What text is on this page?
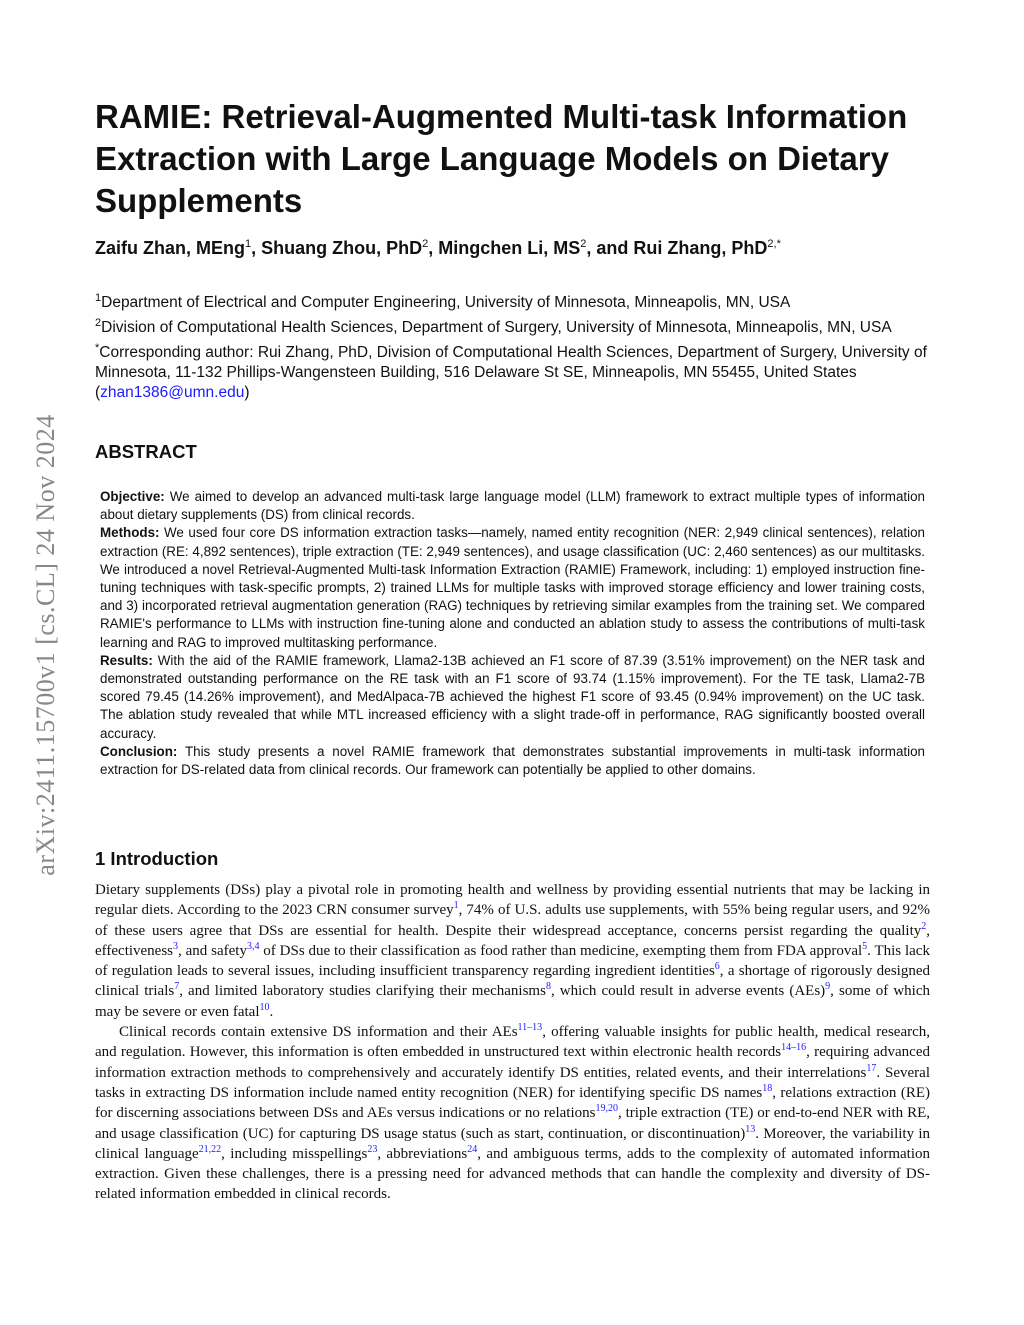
arXiv:2411.15700v1 [cs.CL] 24 Nov 2024
RAMIE: Retrieval-Augmented Multi-task Information Extraction with Large Language Models on Dietary Supplements
Zaifu Zhan, MEng$^1$, Shuang Zhou, PhD$^2$, Mingchen Li, $MS^2$, and Rui Zhang, PhD$^{2,*}$

$^1$Department of Electrical and Computer Engineering, University of Minnesota, Minneapolis, MN, USA

$^2$Division of Computational Health Sciences, Department of Surgery, University of Minnesota, Minneapolis, MN, USA

*Corresponding author: Rui Zhang, PhD, Division of Computational Health Sciences, Department of Surgery, University of Minnesota, 11-132 Phillips-Wangensteen Building, 516 Delaware St SE, Minneapolis, MN 55455, United States (zhan1386@umn.edu)

ABSTRACT

Objective: We aimed to develop an advanced multi-task large language model (LLM) framework to extract multiple types of information about dietary supplements (DS) from clinical records.

Methods: We used four core DS information extraction tasks—namely, named entity recognition (NER: 2,949 clinical sentences), relation extraction (RE: 4,892 sentences), triple extraction (TE: 2,949 sentences), and usage classification (UC: 2,460 sentences) as our multitasks. We introduced a novel Retrieval-Augmented Multi-task Information Extraction (RAMIE) Framework, including: 1) employed instruction fine-tuning techniques with task-specific prompts, 2) trained LLMs for multiple tasks with improved storage efficiency and lower training costs, and 3) incorporated retrieval augmentation generation (RAG) techniques by retrieving similar examples from the training set. We compared RAMIE's performance to LLMs with instruction fine-tuning alone and conducted an ablation study to assess the contributions of multi-task learning and RAG to improved multitasking performance.

Results: With the aid of the RAMIE framework, Llama2-13B achieved an F1 score of 87.39 (3.51% improvement) on the NER task and demonstrated outstanding performance on the RE task with an F1 score of 93.74 (1.15% improvement). For the TE task, Llama2-7B scored 79.45 (14.26% improvement), and MedAlpaca-7B achieved the highest F1 score of 93.45 (0.94% improvement) on the UC task. The ablation study revealed that while MTL increased efficiency with a slight trade-off in performance, RAG significantly boosted overall accuracy.

Conclusion: This study presents a novel RAMIE framework that demonstrates substantial improvements in multi-task information extraction for DS-related data from clinical records. Our framework can potentially be applied to other domains.

1 Introduction

Dietary supplements (DSs) play a pivotal role in promoting health and wellness by providing essential nutrients that may be lacking in regular diets. According to the 2023 CRN consumer survey$^1$, 74% of U.S. adults use supplements, with 55% being regular users, and 92% of these users agree that DSs are essential for health. Despite their widespread acceptance, concerns persist regarding the quality$^2$, effectiveness$^3$, and safety$^{3,4}$ of DSs due to their classification as food rather than medicine, exempting them from FDA approval$^5$. This lack of regulation leads to several issues, including insufficient transparency regarding ingredient identities$^6$, a shortage of rigorously designed clinical trials$^7$, and limited laboratory studies clarifying their mechanisms$^8$, which could result in adverse events (AEs)$^9$, some of which may be severe or even fatal$^{10}$.

Clinical records contain extensive DS information and their AEs$^{11-13}$, offering valuable insights for public health, medical research, and regulation. However, this information is often embedded in unstructured text within electronic health records$^{14-16}$, requiring advanced information extraction methods to comprehensively and accurately identify DS entities, related events, and their interrelations$^{17}$. Several tasks in extracting DS information include named entity recognition (NER) for identifying specific DS names$^{18}$, relations extraction (RE) for discerning associations between DSs and AEs versus indications or no relations$^{19,20}$, triple extraction (TE) or end-to-end NER with RE, and usage classification (UC) for capturing DS usage status (such as start, continuation, or discontinuation)$^{13}$. Moreover, the variability in clinical language$^{21,22}$, including misspellings$^{23}$, abbreviations$^{24}$, and ambiguous terms, adds to the complexity of automated information extraction. Given these challenges, there is a pressing need for advanced methods that can handle the complexity and diversity of DS-related information embedded in clinical records.
